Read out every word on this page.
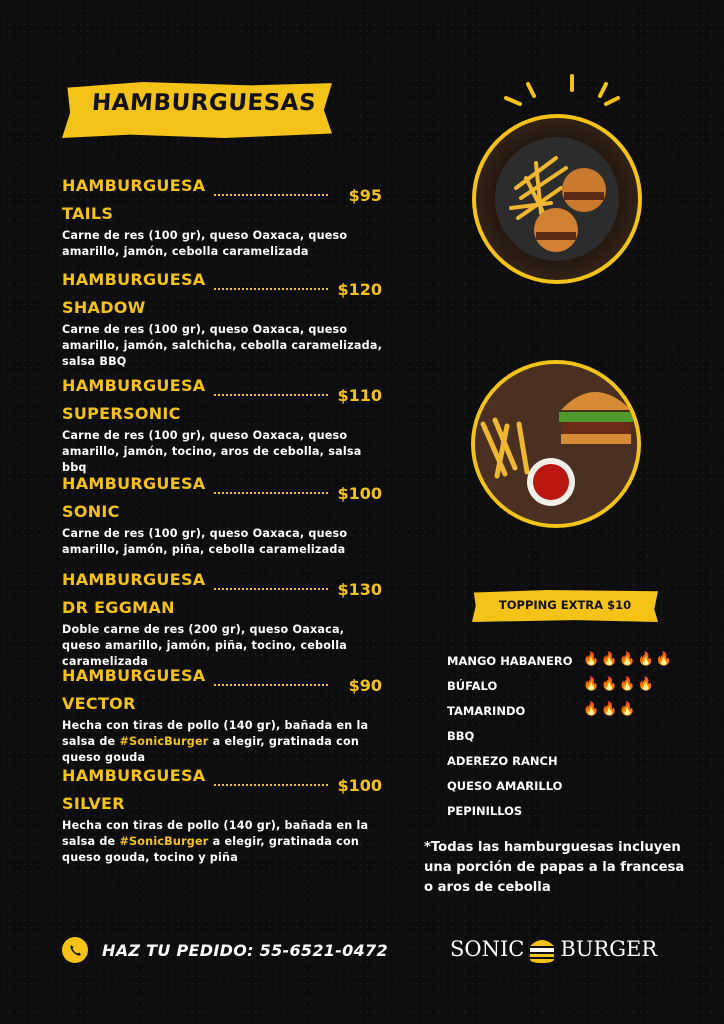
HAMBURGUESAS
HAMBURGUESA TAILS
$95
Carne de res (100 gr), queso Oaxaca, queso amarillo, jamón, cebolla caramelizada
HAMBURGUESA SHADOW
$120
Carne de res (100 gr), queso Oaxaca, queso amarillo, jamón, salchicha, cebolla caramelizada, salsa BBQ
HAMBURGUESA SUPERSONIC
$110
Carne de res (100 gr), queso Oaxaca, queso amarillo, jamón, tocino, aros de cebolla, salsa bbq
HAMBURGUESA SONIC
$100
Carne de res (100 gr), queso Oaxaca, queso amarillo, jamón, piña, cebolla caramelizada
HAMBURGUESA DR EGGMAN
$130
Doble carne de res (200 gr), queso Oaxaca, queso amarillo, jamón, piña, tocino, cebolla caramelizada
HAMBURGUESA VECTOR
$90
Hecha con tiras de pollo (140 gr), bañada en la salsa de #SonicBurger a elegir, gratinada con queso gouda
HAMBURGUESA SILVER
$100
Hecha con tiras de pollo (140 gr), bañada en la salsa de #SonicBurger a elegir, gratinada con queso gouda, tocino y piña
TOPPING EXTRA $10
MANGO HABANERO 🔥🔥🔥🔥🔥
BÚFALO	🔥🔥🔥🔥
TAMARINDO	🔥🔥🔥
BBQ
ADEREZO RANCH
QUESO AMARILLO
PEPINILLOS
*Todas las hamburguesas incluyen una porción de papas a la francesa o aros de cebolla
HAZ TU PEDIDO: 55-6521-0472	SONIC BURGER
